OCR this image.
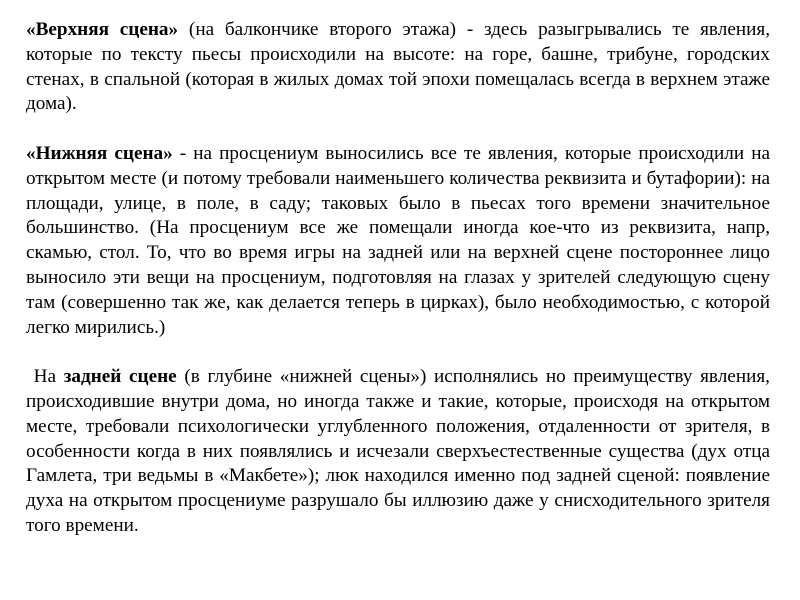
«Верхняя сцена» (на балкончике второго этажа) - здесь разыгрывались те явления, которые по тексту пьесы происходили на высоте: на горе, башне, трибуне, городских стенах, в спальной (которая в жилых домах той эпохи помещалась всегда в верхнем этаже дома).

«Нижняя сцена» - на просцениум выносились все те явления, которые происходили на открытом месте (и потому требовали наименьшего количества реквизита и бутафории): на площади, улице, в поле, в саду; таковых было в пьесах того времени значительное большинство. (На просцениум все же помещали иногда кое-что из реквизита, напр, скамью, стол. То, что во время игры на задней или на верхней сцене постороннее лицо выносило эти вещи на просцениум, подготовляя на глазах у зрителей следующую сцену там (совершенно так же, как делается теперь в цирках), было необходимостью, с которой легко мирились.)

На задней сцене (в глубине «нижней сцены») исполнялись но преимуществу явления, происходившие внутри дома, но иногда также и такие, которые, происходя на открытом месте, требовали психологически углубленного положения, отдаленности от зрителя, в особенности когда в них появлялись и исчезали сверхъестественные существа (дух отца Гамлета, три ведьмы в «Макбете»); люк находился именно под задней сценой: появление духа на открытом просцениуме разрушало бы иллюзию даже у снисходительного зрителя того времени.
